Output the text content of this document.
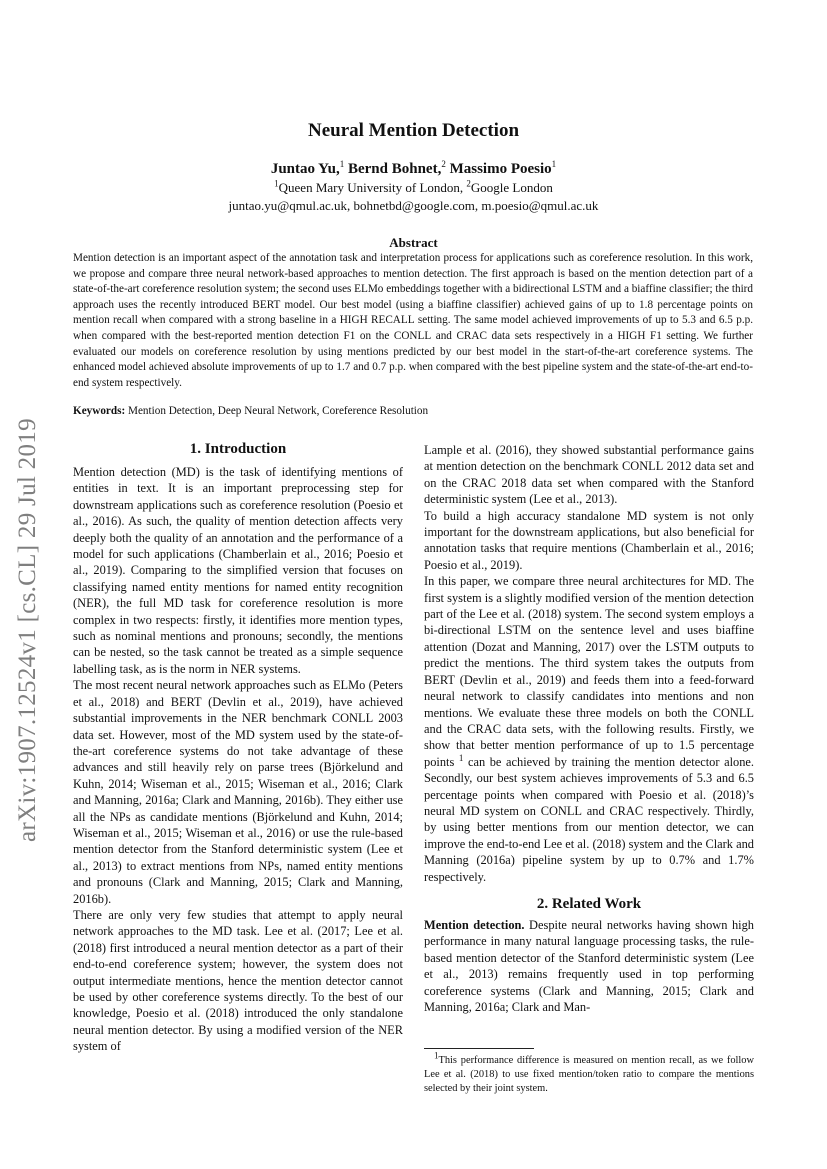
arXiv:1907.12524v1 [cs.CL] 29 Jul 2019
Neural Mention Detection
Juntao Yu,$^1$ Bernd Bohnet,$^2$ Massimo Poesio$^1$
$^1$Queen Mary University of London, $^2$Google London
juntao.yu@qmul.ac.uk, bohnetbd@google.com, m.poesio@qmul.ac.uk
Abstract

Mention detection is an important aspect of the annotation task and interpretation process for applications such as coreference resolution. In this work, we propose and compare three neural network-based approaches to mention detection. The first approach is based on the mention detection part of a state-of-the-art coreference resolution system; the second uses ELMo embeddings together with a bidirectional LSTM and a biaffine classifier; the third approach uses the recently introduced BERT model. Our best model (using a biaffine classifier) achieved gains of up to 1.8 percentage points on mention recall when compared with a strong baseline in a HIGH RECALL setting. The same model achieved improvements of up to 5.3 and 6.5 p.p. when compared with the best-reported mention detection F1 on the CONLL and CRAC data sets respectively in a HIGH F1 setting. We further evaluated our models on coreference resolution by using mentions predicted by our best model in the start-of-the-art coreference systems. The enhanced model achieved absolute improvements of up to 1.7 and 0.7 p.p. when compared with the best pipeline system and the state-of-the-art end-to-end system respectively.

Keywords: Mention Detection, Deep Neural Network, Coreference Resolution

1. Introduction

Mention detection (MD) is the task of identifying mentions of entities in text. It is an important preprocessing step for downstream applications such as coreference resolution (Poesio et al., 2016). As such, the quality of mention detection affects very deeply both the quality of an annotation and the performance of a model for such applications (Chamberlain et al., 2016; Poesio et al., 2019). Comparing to the simplified version that focuses on classifying named entity mentions for named entity recognition (NER), the full MD task for coreference resolution is more complex in two respects: firstly, it identifies more mention types, such as nominal mentions and pronouns; secondly, the mentions can be nested, so the task cannot be treated as a simple sequence labelling task, as is the norm in NER systems.

The most recent neural network approaches such as ELMo (Peters et al., 2018) and BERT (Devlin et al., 2019), have achieved substantial improvements in the NER benchmark CONLL 2003 data set. However, most of the MD system used by the state-of-the-art coreference systems do not take advantage of these advances and still heavily rely on parse trees (Björkelund and Kuhn, 2014; Wiseman et al., 2015; Wiseman et al., 2016; Clark and Manning, 2016a; Clark and Manning, 2016b). They either use all the NPs as candidate mentions (Björkelund and Kuhn, 2014; Wiseman et al., 2015; Wiseman et al., 2016) or use the rule-based mention detector from the Stanford deterministic system (Lee et al., 2013) to extract mentions from NPs, named entity mentions and pronouns (Clark and Manning, 2015; Clark and Manning, 2016b).

There are only very few studies that attempt to apply neural network approaches to the MD task. Lee et al. (2017; Lee et al. (2018) first introduced a neural mention detector as a part of their end-to-end coreference system; however, the system does not output intermediate mentions, hence the mention detector cannot be used by other coreference systems directly. To the best of our knowledge, Poesio et al. (2018) introduced the only standalone neural mention detector. By using a modified version of the NER system of

Lample et al. (2016), they showed substantial performance gains at mention detection on the benchmark CONLL 2012 data set and on the CRAC 2018 data set when compared with the Stanford deterministic system (Lee et al., 2013).

To build a high accuracy standalone MD system is not only important for the downstream applications, but also beneficial for annotation tasks that require mentions (Chamberlain et al., 2016; Poesio et al., 2019).

In this paper, we compare three neural architectures for MD. The first system is a slightly modified version of the mention detection part of the Lee et al. (2018) system. The second system employs a bi-directional LSTM on the sentence level and uses biaffine attention (Dozat and Manning, 2017) over the LSTM outputs to predict the mentions. The third system takes the outputs from BERT (Devlin et al., 2019) and feeds them into a feed-forward neural network to classify candidates into mentions and non mentions. We evaluate these three models on both the CONLL and the CRAC data sets, with the following results. Firstly, we show that better mention performance of up to 1.5 percentage points $^1$ can be achieved by training the mention detector alone. Secondly, our best system achieves improvements of 5.3 and 6.5 percentage points when compared with Poesio et al. (2018)’s neural MD system on CONLL and CRAC respectively. Thirdly, by using better mentions from our mention detector, we can improve the end-to-end Lee et al. (2018) system and the Clark and Manning (2016a) pipeline system by up to 0.7% and 1.7% respectively.

2. Related Work

Mention detection. Despite neural networks having shown high performance in many natural language processing tasks, the rule-based mention detector of the Stanford deterministic system (Lee et al., 2013) remains frequently used in top performing coreference systems (Clark and Manning, 2015; Clark and Manning, 2016a; Clark and Man-

$^1$This performance difference is measured on mention recall, as we follow Lee et al. (2018) to use fixed mention/token ratio to compare the mentions selected by their joint system.
